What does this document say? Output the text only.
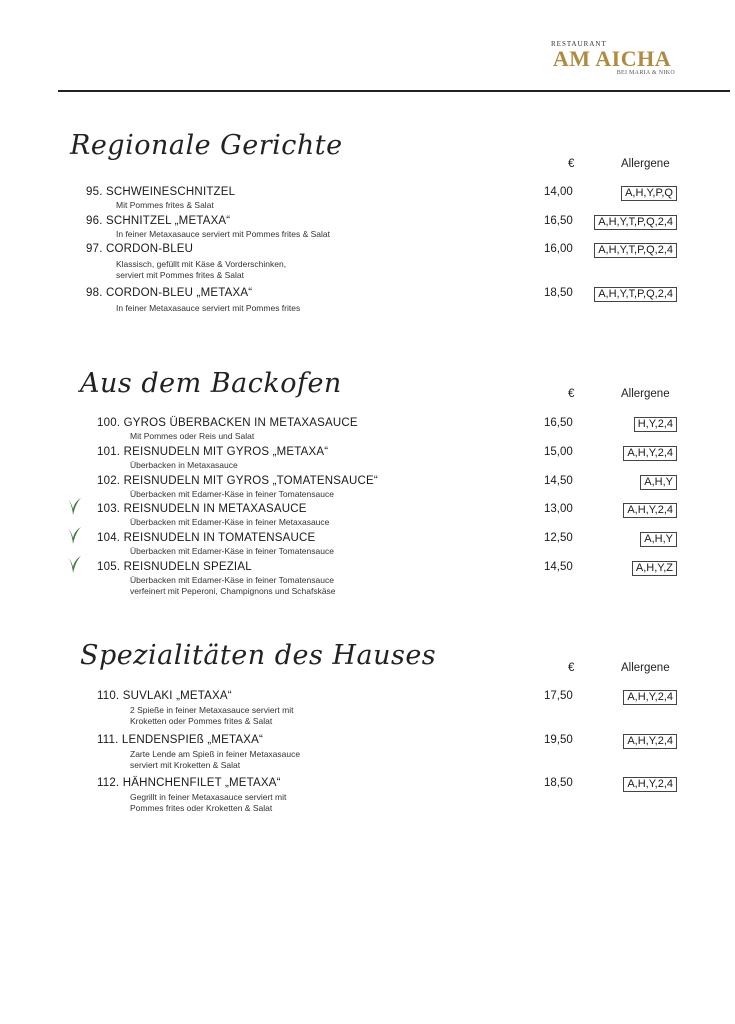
RESTAURANT
AM AICHA
BEI MARIA & NIKO
Regionale Gerichte
€	Allergene
95. SCHWEINESCHNITZEL
Mit Pommes frites & Salat
14,00	A,H,Y,P,Q
96. SCHNITZEL „METAXA“
In feiner Metaxasauce serviert mit Pommes frites & Salat
16,50	A,H,Y,T,P,Q,2,4
97. CORDON-BLEU
Klassisch, gefüllt mit Käse & Vorderschinken,
serviert mit Pommes frites & Salat
16,00	A,H,Y,T,P,Q,2,4
98. CORDON-BLEU „METAXA“
In feiner Metaxasauce serviert mit Pommes frites
18,50	A,H,Y,T,P,Q,2,4
Aus dem Backofen	€	Allergene
100. GYROS ÜBERBACKEN IN METAXASAUCE
Mit Pommes oder Reis und Salat
16,50	H,Y,2,4
101. REISNUDELN MIT GYROS „METAXA“
Überbacken in Metaxasauce
15,00	A,H,Y,2,4
102. REISNUDELN MIT GYROS „TOMATENSAUCE“
Überbacken mit Edamer-Käse in feiner Tomatensauce
14,50	A,H,Y
103. REISNUDELN IN METAXASAUCE
Überbacken mit Edamer-Käse in feiner Metaxasauce
13,00	A,H,Y,2,4
104. REISNUDELN IN TOMATENSAUCE
Überbacken mit Edamer-Käse in feiner Tomatensauce
12,50	A,H,Y
105. REISNUDELN SPEZIAL
Überbacken mit Edamer-Käse in feiner Tomatensauce
verfeinert mit Peperoni, Champignons und Schafskäse
14,50	A,H,Y,Z
Spezialitäten des Hauses	€	Allergene
110. SUVLAKI „METAXA“
2 Spieße in feiner Metaxasauce serviert mit
Kroketten oder Pommes frites & Salat
17,50	A,H,Y,2,4
111. LENDENSPIEß „METAXA“
Zarte Lende am Spieß in feiner Metaxasauce
serviert mit Kroketten & Salat
19,50	A,H,Y,2,4
112. HÄHNCHENFILET „METAXA“
Gegrillt in feiner Metaxasauce serviert mit
Pommes frites oder Kroketten & Salat
18,50	A,H,Y,2,4
